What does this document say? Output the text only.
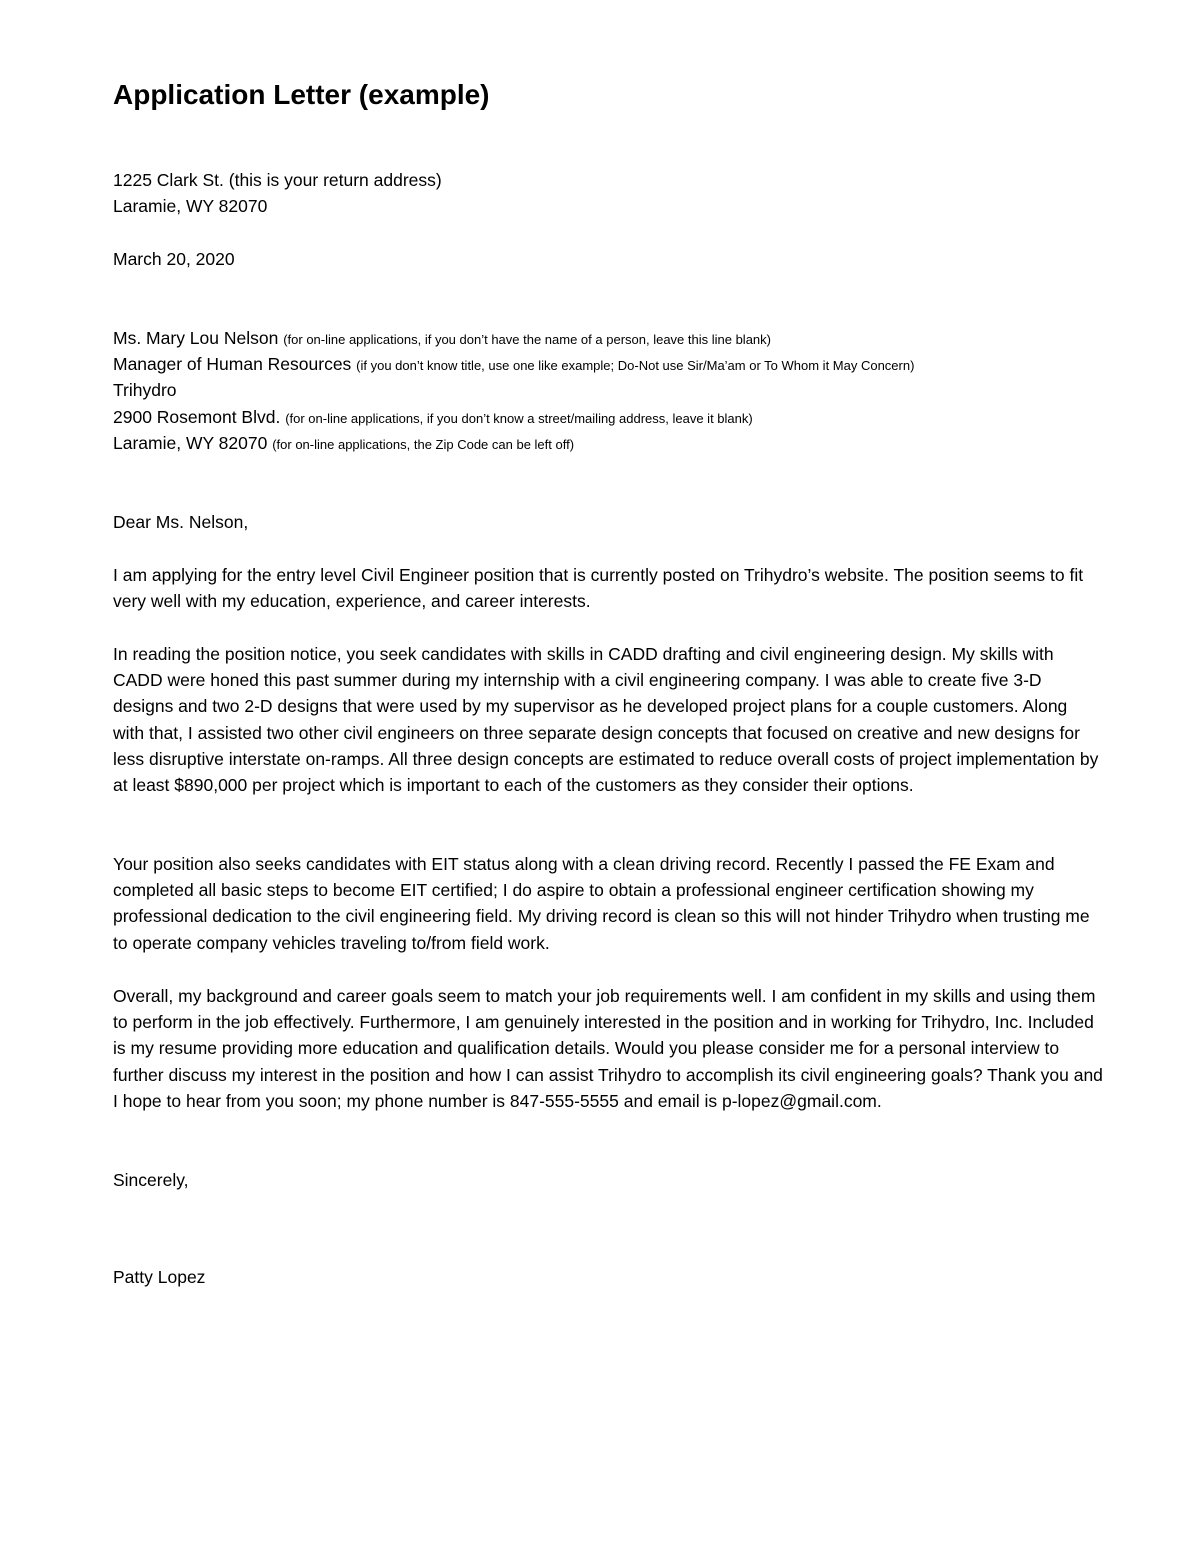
Application Letter (example)
1225 Clark St. (this is your return address)
Laramie, WY 82070
March 20, 2020
Ms. Mary Lou Nelson (for on-line applications, if you don’t have the name of a person, leave this line blank)
Manager of Human Resources (if you don’t know title, use one like example; Do-Not use Sir/Ma’am or To Whom it May Concern)
Trihydro
2900 Rosemont Blvd. (for on-line applications, if you don’t know a street/mailing address, leave it blank)
Laramie, WY 82070 (for on-line applications, the Zip Code can be left off)
Dear Ms. Nelson,

I am applying for the entry level Civil Engineer position that is currently posted on Trihydro’s website. The position seems to fit very well with my education, experience, and career interests.

In reading the position notice, you seek candidates with skills in CADD drafting and civil engineering design. My skills with CADD were honed this past summer during my internship with a civil engineering company. I was able to create five 3-D designs and two 2-D designs that were used by my supervisor as he developed project plans for a couple customers. Along with that, I assisted two other civil engineers on three separate design concepts that focused on creative and new designs for less disruptive interstate on-ramps. All three design concepts are estimated to reduce overall costs of project implementation by at least $890,000 per project which is important to each of the customers as they consider their options.

Your position also seeks candidates with EIT status along with a clean driving record. Recently I passed the FE Exam and completed all basic steps to become EIT certified; I do aspire to obtain a professional engineer certification showing my professional dedication to the civil engineering field. My driving record is clean so this will not hinder Trihydro when trusting me to operate company vehicles traveling to/from field work.

Overall, my background and career goals seem to match your job requirements well. I am confident in my skills and using them to perform in the job effectively. Furthermore, I am genuinely interested in the position and in working for Trihydro, Inc. Included is my resume providing more education and qualification details. Would you please consider me for a personal interview to further discuss my interest in the position and how I can assist Trihydro to accomplish its civil engineering goals? Thank you and I hope to hear from you soon; my phone number is 847-555-5555 and email is p-lopez@gmail.com.

Sincerely,
Patty Lopez
